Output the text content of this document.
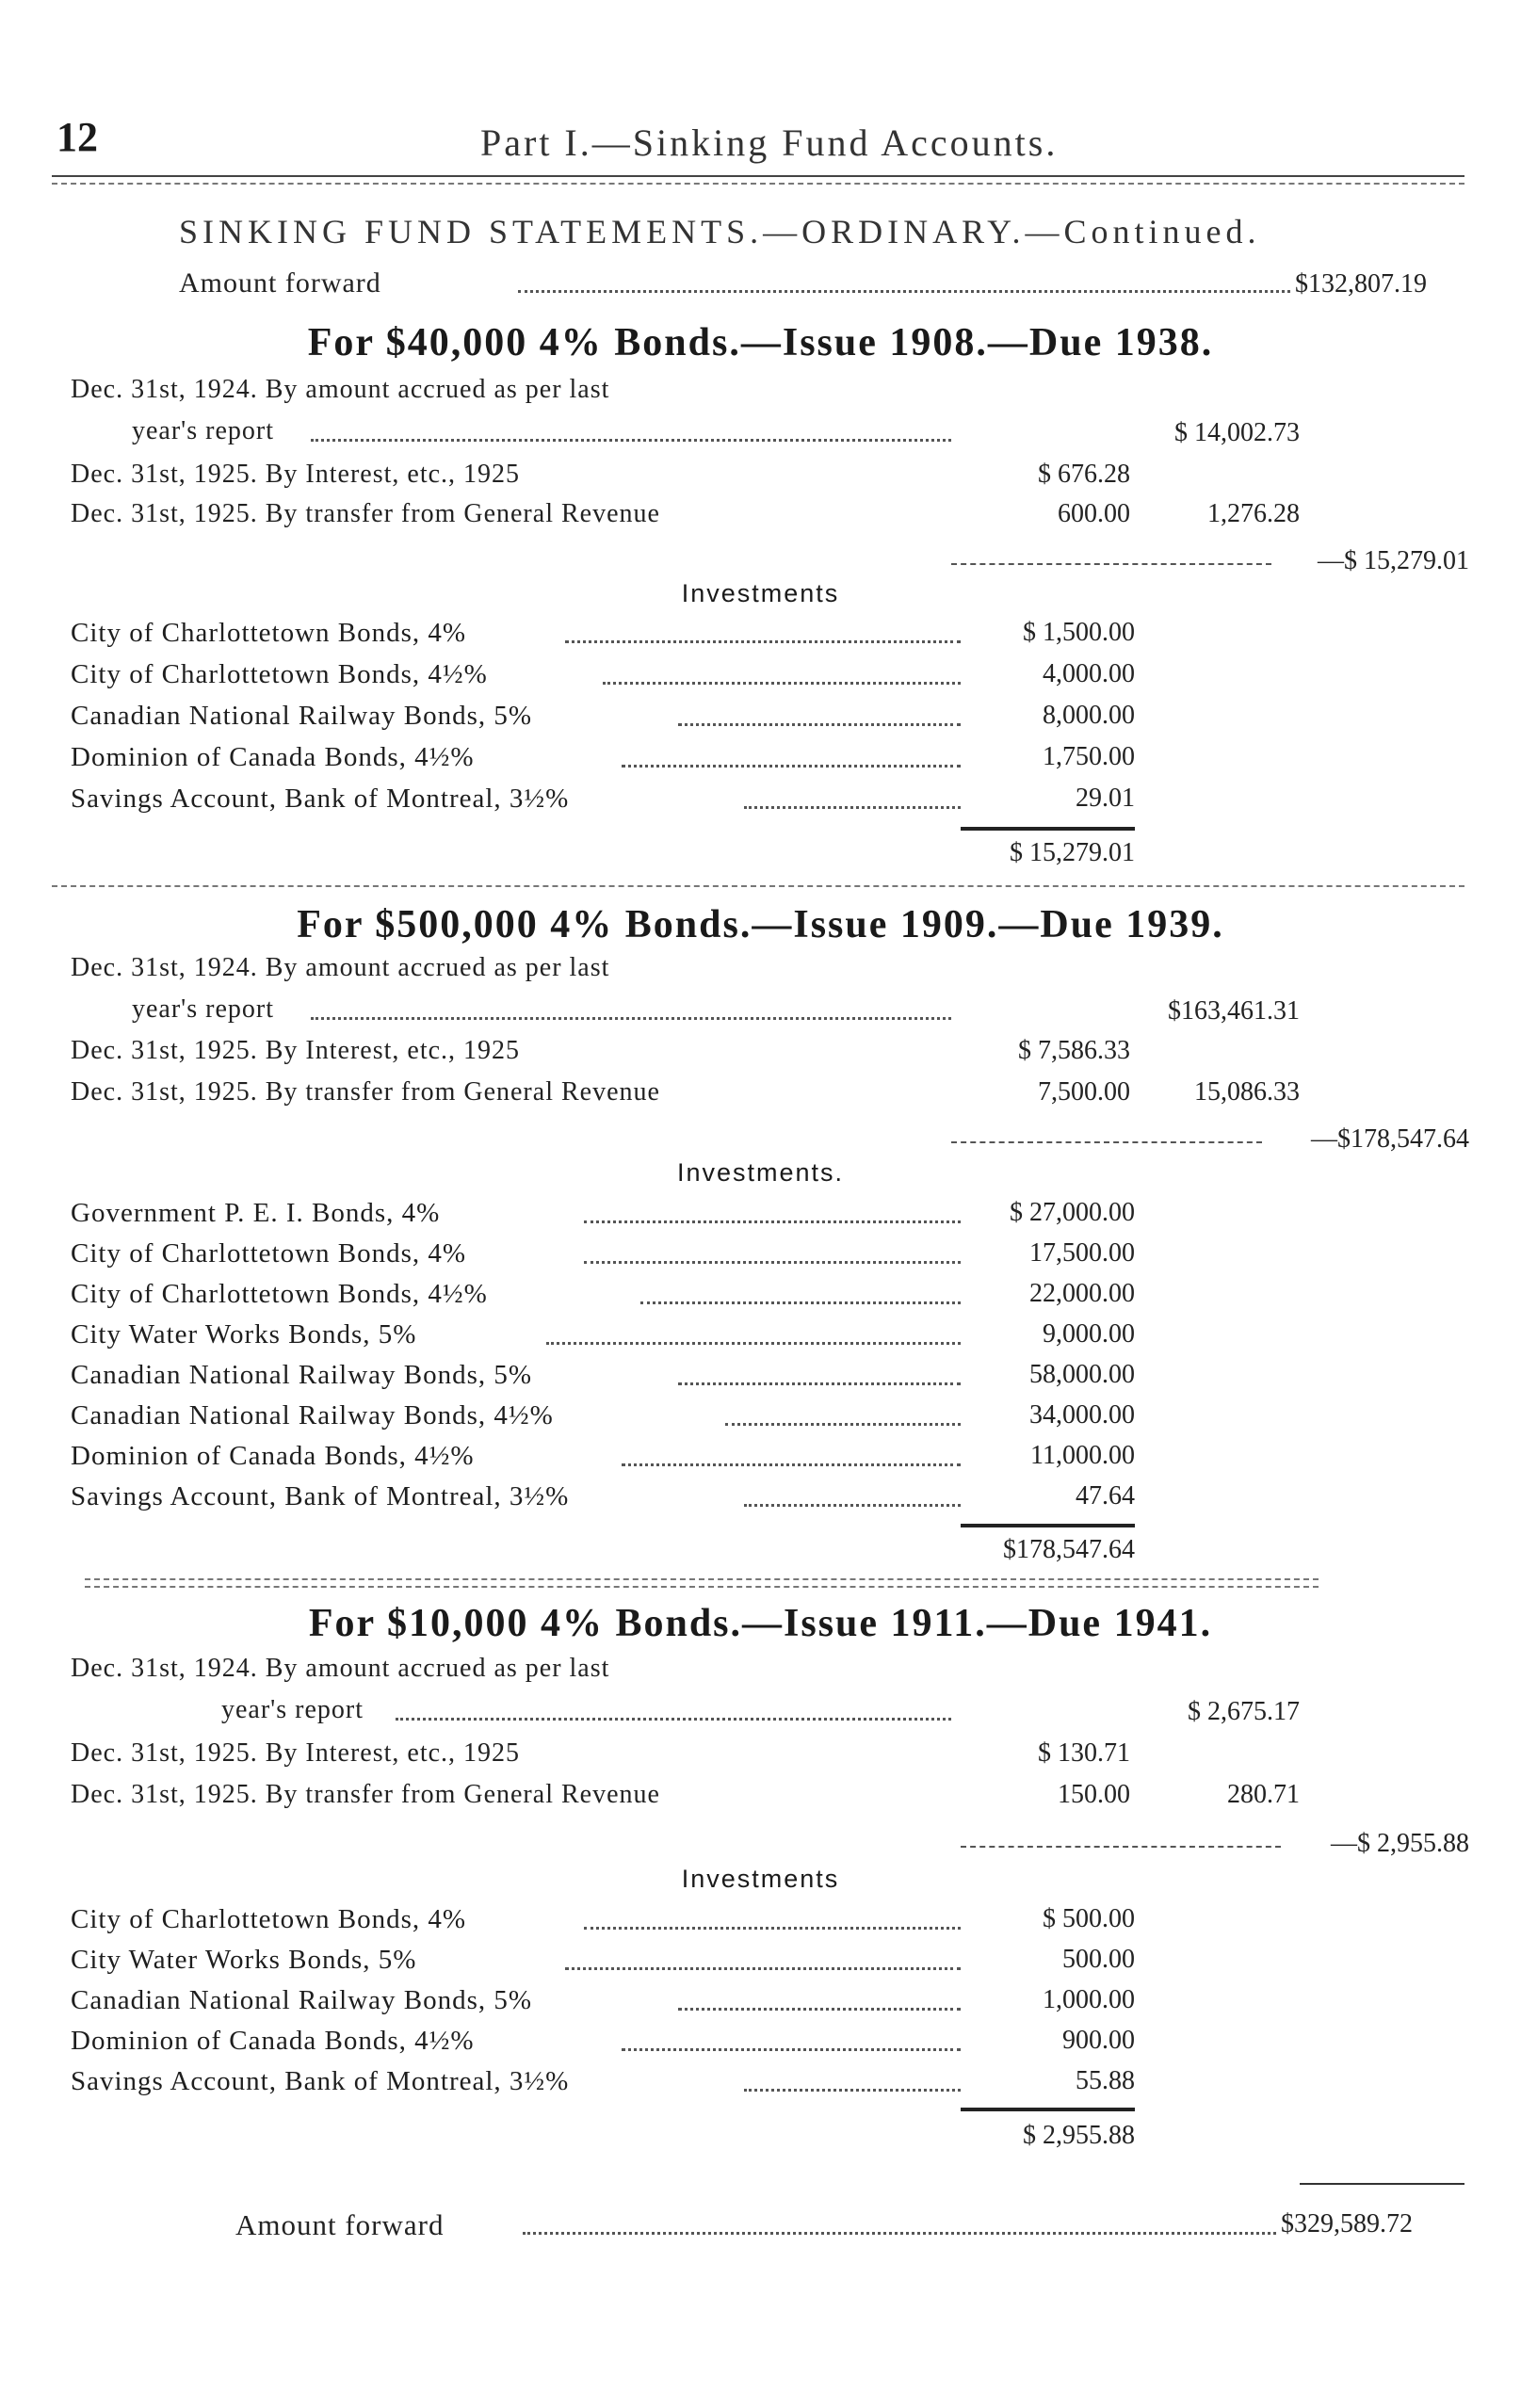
12	Part I.—Sinking Fund Accounts.
SINKING FUND STATEMENTS.—ORDINARY.—Continued.
Amount forward	$132,807.19
For $40,000 4% Bonds.—Issue 1908.—Due 1938.
Dec. 31st, 1924. By amount accrued as per last
year's report	$ 14,002.73
Dec. 31st, 1925. By Interest, etc., 1925	$ 676.28
Dec. 31st, 1925. By transfer from General Revenue	600.00	1,276.28
—$ 15,279.01
Investments
City of Charlottetown Bonds, 4%	$ 1,500.00
City of Charlottetown Bonds, 4½%	4,000.00
Canadian National Railway Bonds, 5%	8,000.00
Dominion of Canada Bonds, 4½%	1,750.00
Savings Account, Bank of Montreal, 3½%	29.01
$ 15,279.01
For $500,000 4% Bonds.—Issue 1909.—Due 1939.
Dec. 31st, 1924. By amount accrued as per last
year's report	$163,461.31
Dec. 31st, 1925. By Interest, etc., 1925	$ 7,586.33
Dec. 31st, 1925. By transfer from General Revenue	7,500.00	15,086.33
—$178,547.64
Investments.
Government P. E. I. Bonds, 4%	$ 27,000.00
City of Charlottetown Bonds, 4%	17,500.00
City of Charlottetown Bonds, 4½%	22,000.00
City Water Works Bonds, 5%	9,000.00
Canadian National Railway Bonds, 5%	58,000.00
Canadian National Railway Bonds, 4½%	34,000.00
Dominion of Canada Bonds, 4½%	11,000.00
Savings Account, Bank of Montreal, 3½%	47.64
$178,547.64
For $10,000 4% Bonds.—Issue 1911.—Due 1941.
Dec. 31st, 1924. By amount accrued as per last
year's report	$ 2,675.17
Dec. 31st, 1925. By Interest, etc., 1925	$ 130.71
Dec. 31st, 1925. By transfer from General Revenue	150.00	280.71
—$ 2,955.88
Investments
City of Charlottetown Bonds, 4%	$ 500.00
City Water Works Bonds, 5%	500.00
Canadian National Railway Bonds, 5%	1,000.00
Dominion of Canada Bonds, 4½%	900.00
Savings Account, Bank of Montreal, 3½%	55.88
$ 2,955.88
Amount forward	$329,589.72
